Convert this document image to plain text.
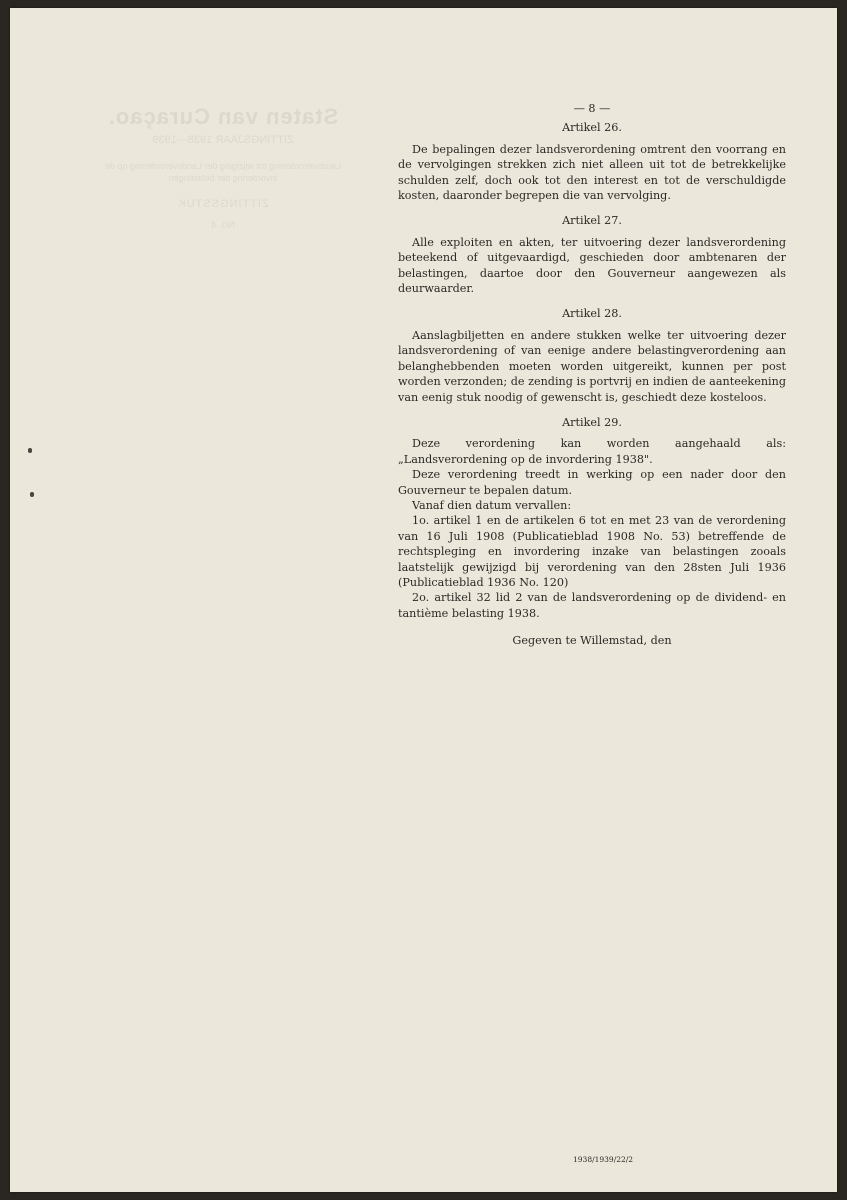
Staten van Curaçao.
ZITTINGSJAAR 1938—1939
Landsverordening tot wijziging der Landsverordening op de invordering der belastingen
ZITTINGSSTUK
No. 4

— 8 —

Artikel 26.

De bepalingen dezer landsverordening omtrent den voorrang en de vervolgingen strekken zich niet alleen uit tot de betrekkelijke schulden zelf, doch ook tot den interest en tot de verschuldigde kosten, daaronder begrepen die van vervolging.

Artikel 27.

Alle exploiten en akten, ter uitvoering dezer landsverordening beteekend of uitgevaardigd, geschieden door ambtenaren der belastingen, daartoe door den Gouverneur aangewezen als deurwaarder.

Artikel 28.

Aanslagbiljetten en andere stukken welke ter uitvoering dezer landsverordening of van eenige andere belastingverordening aan belanghebbenden moeten worden uitgereikt, kunnen per post worden verzonden; de zending is portvrij en indien de aanteekening van eenig stuk noodig of gewenscht is, geschiedt deze kosteloos.

Artikel 29.

Deze verordening kan worden aangehaald als: „Landsverordening op de invordering 1938".

Deze verordening treedt in werking op een nader door den Gouverneur te bepalen datum.

Vanaf dien datum vervallen:

1o. artikel 1 en de artikelen 6 tot en met 23 van de verordening van 16 Juli 1908 (Publicatieblad 1908 No. 53) betreffende de rechtspleging en invordering inzake van belastingen zooals laatstelijk gewijzigd bij verordening van den 28sten Juli 1936 (Publicatieblad 1936 No. 120)

2o. artikel 32 lid 2 van de landsverordening op de dividend- en tantième belasting 1938.

Gegeven te Willemstad, den

1938/1939/22/2
